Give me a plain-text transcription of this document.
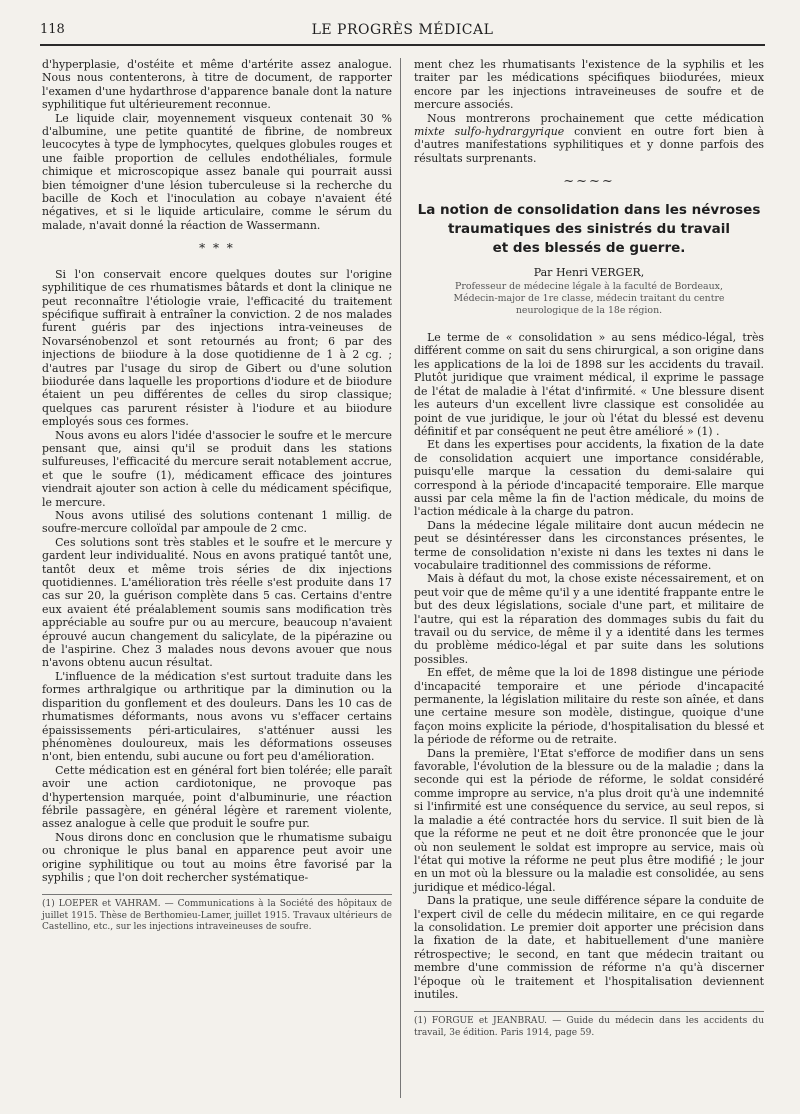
118	LE PROGRÈS MÉDICAL

d'hyperplasie, d'ostéite et même d'artérite assez analogue. Nous nous contenterons, à titre de document, de rapporter l'examen d'une hydarthrose d'apparence banale dont la nature syphilitique fut ultérieurement reconnue.

Le liquide clair, moyennement visqueux contenait 30 % d'albumine, une petite quantité de fibrine, de nombreux leucocytes à type de lymphocytes, quelques globules rouges et une faible proportion de cellules endothéliales, formule chimique et microscopique assez banale qui pourrait aussi bien témoigner d'une lésion tuberculeuse si la recherche du bacille de Koch et l'inoculation au cobaye n'avaient été négatives, et si le liquide articulaire, comme le sérum du malade, n'avait donné la réaction de Wassermann.

* * *

Si l'on conservait encore quelques doutes sur l'origine syphilitique de ces rhumatismes bâtards et dont la clinique ne peut reconnaître l'étiologie vraie, l'efficacité du traitement spécifique suffirait à entraîner la conviction. 2 de nos malades furent guéris par des injections intra-veineuses de Novarsénobenzol et sont retournés au front; 6 par des injections de biiodure à la dose quotidienne de 1 à 2 cg. ; d'autres par l'usage du sirop de Gibert ou d'une solution biiodurée dans laquelle les proportions d'iodure et de biiodure étaient un peu différentes de celles du sirop classique; quelques cas parurent résister à l'iodure et au biiodure employés sous ces formes.

Nous avons eu alors l'idée d'associer le soufre et le mercure pensant que, ainsi qu'il se produit dans les stations sulfureuses, l'efficacité du mercure serait notablement accrue, et que le soufre (1), médicament efficace des jointures viendrait ajouter son action à celle du médicament spécifique, le mercure.

Nous avons utilisé des solutions contenant 1 millig. de soufre-mercure colloïdal par ampoule de 2 cmc.

Ces solutions sont très stables et le soufre et le mercure y gardent leur individualité. Nous en avons pratiqué tantôt une, tantôt deux et même trois séries de dix injections quotidiennes. L'amélioration très réelle s'est produite dans 17 cas sur 20, la guérison complète dans 5 cas. Certains d'entre eux avaient été préalablement soumis sans modification très appréciable au soufre pur ou au mercure, beaucoup n'avaient éprouvé aucun changement du salicylate, de la pipérazine ou de l'aspirine. Chez 3 malades nous devons avouer que nous n'avons obtenu aucun résultat.

L'influence de la médication s'est surtout traduite dans les formes arthralgique ou arthritique par la diminution ou la disparition du gonflement et des douleurs. Dans les 10 cas de rhumatismes déformants, nous avons vu s'effacer certains épaississements péri-articulaires, s'atténuer aussi les phénomènes douloureux, mais les déformations osseuses n'ont, bien entendu, subi aucune ou fort peu d'amélioration.

Cette médication est en général fort bien tolérée; elle paraît avoir une action cardiotonique, ne provoque pas d'hypertension marquée, point d'albuminurie, une réaction fébrile passagère, en général légère et rarement violente, assez analogue à celle que produit le soufre pur.

Nous dirons donc en conclusion que le rhumatisme subaigu ou chronique le plus banal en apparence peut avoir une origine syphilitique ou tout au moins être favorisé par la syphilis ; que l'on doit rechercher systématique-

(1) LOEPER et VAHRAM. — Communications à la Société des hôpitaux de juillet 1915. Thèse de Berthomieu-Lamer, juillet 1915. Travaux ultérieurs de Castellino, etc., sur les injections intraveineuses de soufre.

ment chez les rhumatisants l'existence de la syphilis et les traiter par les médications spécifiques biiodurées, mieux encore par les injections intraveineuses de soufre et de mercure associés.

Nous montrerons prochainement que cette médication mixte sulfo-hydrargyrique convient en outre fort bien à d'autres manifestations syphilitiques et y donne parfois des résultats surprenants.

~~~~
La notion de consolidation dans les névroses
traumatiques des sinistrés du travail
et des blessés de guerre.
Par Henri VERGER,
Professeur de médecine légale à la faculté de Bordeaux, Médecin-major de 1re classe, médecin traitant du centre neurologique de la 18e région.

Le terme de « consolidation » au sens médico-légal, très différent comme on sait du sens chirurgical, a son origine dans les applications de la loi de 1898 sur les accidents du travail. Plutôt juridique que vraiment médical, il exprime le passage de l'état de maladie à l'état d'infirmité. « Une blessure disent les auteurs d'un excellent livre classique est consolidée au point de vue juridique, le jour où l'état du blessé est devenu définitif et par conséquent ne peut être amélioré » (1) .

Et dans les expertises pour accidents, la fixation de la date de consolidation acquiert une importance considérable, puisqu'elle marque la cessation du demi-salaire qui correspond à la période d'incapacité temporaire. Elle marque aussi par cela même la fin de l'action médicale, du moins de l'action médicale à la charge du patron.

Dans la médecine légale militaire dont aucun médecin ne peut se désintéresser dans les circonstances présentes, le terme de consolidation n'existe ni dans les textes ni dans le vocabulaire traditionnel des commissions de réforme.

Mais à défaut du mot, la chose existe nécessairement, et on peut voir que de même qu'il y a une identité frappante entre le but des deux législations, sociale d'une part, et militaire de l'autre, qui est la réparation des dommages subis du fait du travail ou du service, de même il y a identité dans les termes du problème médico-légal et par suite dans les solutions possibles.

En effet, de même que la loi de 1898 distingue une période d'incapacité temporaire et une période d'incapacité permanente, la législation militaire du reste son aînée, et dans une certaine mesure son modèle, distingue, quoique d'une façon moins explicite la période, d'hospitalisation du blessé et la période de réforme ou de retraite.

Dans la première, l'Etat s'efforce de modifier dans un sens favorable, l'évolution de la blessure ou de la maladie ; dans la seconde qui est la période de réforme, le soldat considéré comme impropre au service, n'a plus droit qu'à une indemnité si l'infirmité est une conséquence du service, au seul repos, si la maladie a été contractée hors du service. Il suit bien de là que la réforme ne peut et ne doit être prononcée que le jour où non seulement le soldat est impropre au service, mais où l'état qui motive la réforme ne peut plus être modifié ; le jour en un mot où la blessure ou la maladie est consolidée, au sens juridique et médico-légal.

Dans la pratique, une seule différence sépare la conduite de l'expert civil de celle du médecin militaire, en ce qui regarde la consolidation. Le premier doit apporter une précision dans la fixation de la date, et habituellement d'une manière rétrospective; le second, en tant que médecin traitant ou membre d'une commission de réforme n'a qu'à discerner l'époque où le traitement et l'hospitalisation deviennent inutiles.

(1) FORGUE et JEANBRAU. — Guide du médecin dans les accidents du travail, 3e édition. Paris 1914, page 59.
